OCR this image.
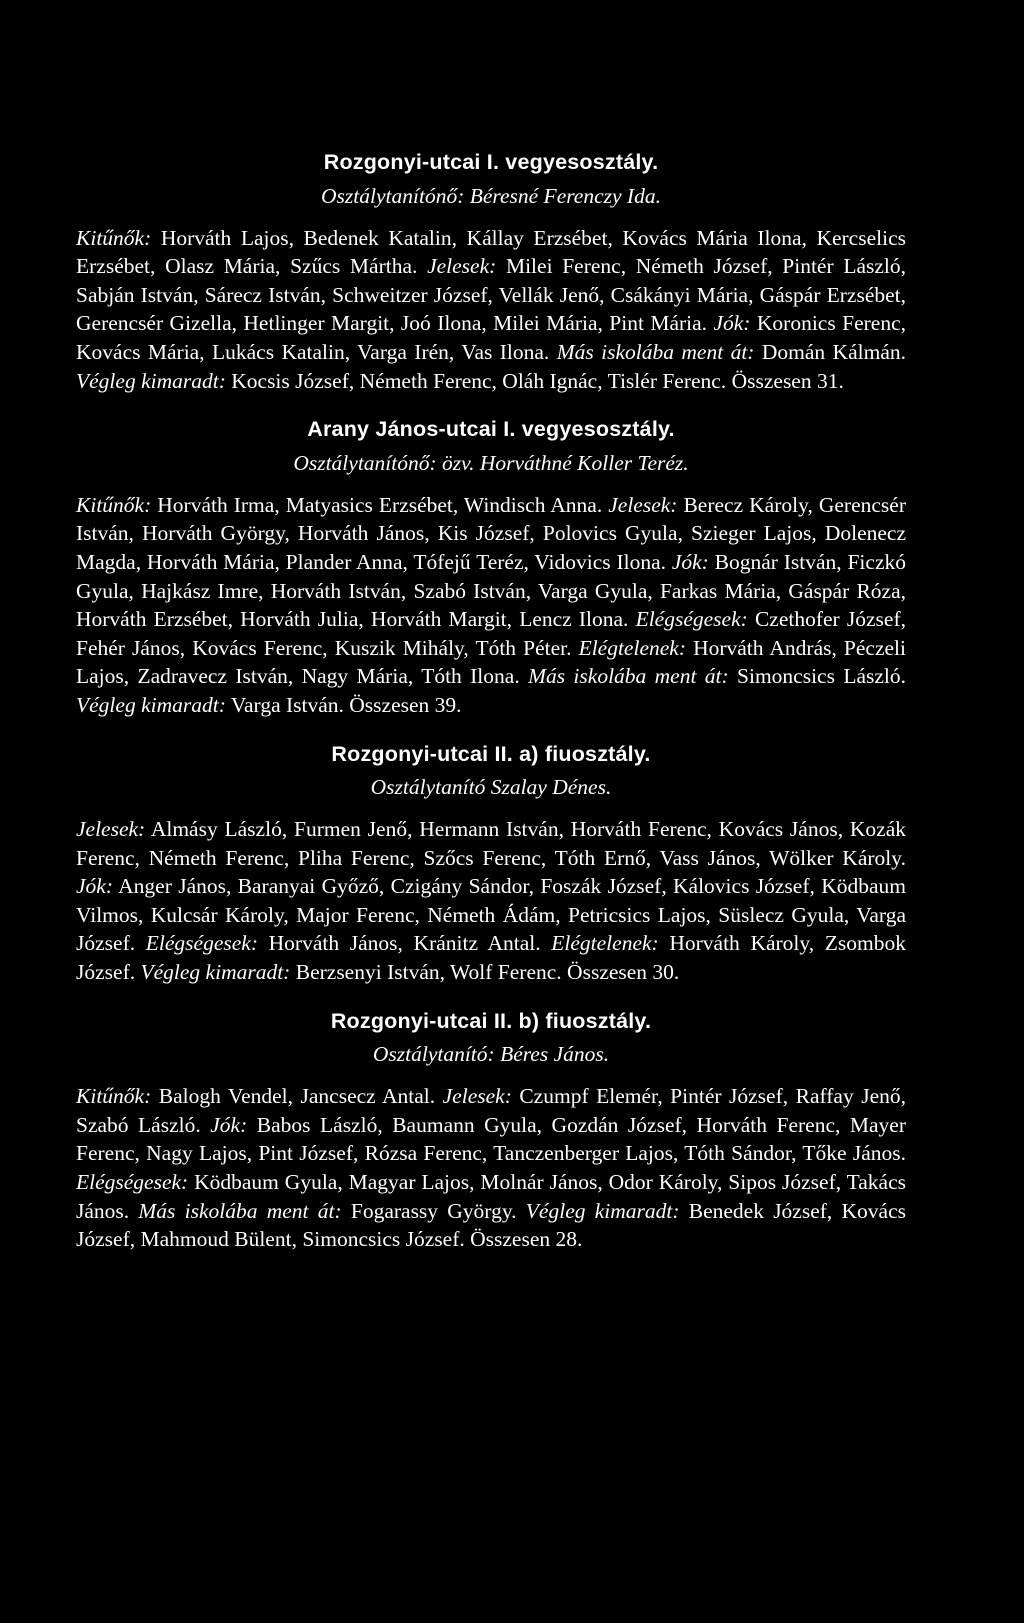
Rozgonyi-utcai I. vegyesosztály.
Osztálytanítónő: Béresné Ferenczy Ida.

Kitűnők: Horváth Lajos, Bedenek Katalin, Kállay Erzsébet, Kovács Mária Ilona, Kercselics Erzsébet, Olasz Mária, Szűcs Mártha. Jelesek: Milei Ferenc, Németh József, Pintér László, Sabján István, Sárecz István, Schweitzer József, Vellák Jenő, Csákányi Mária, Gáspár Erzsébet, Gerencsér Gizella, Hetlinger Margit, Joó Ilona, Milei Mária, Pint Mária. Jók: Koronics Ferenc, Kovács Mária, Lukács Katalin, Varga Irén, Vas Ilona. Más iskolába ment át: Domán Kálmán. Végleg kimaradt: Kocsis József, Németh Ferenc, Oláh Ignác, Tislér Ferenc. Összesen 31.

Arany János-utcai I. vegyesosztály.
Osztálytanítónő: özv. Horváthné Koller Teréz.

Kitűnők: Horváth Irma, Matyasics Erzsébet, Windisch Anna. Jelesek: Berecz Károly, Gerencsér István, Horváth György, Horváth János, Kis József, Polovics Gyula, Szieger Lajos, Dolenecz Magda, Horváth Mária, Plander Anna, Tófejű Teréz, Vidovics Ilona. Jók: Bognár István, Ficzkó Gyula, Hajkász Imre, Horváth István, Szabó István, Varga Gyula, Farkas Mária, Gáspár Róza, Horváth Erzsébet, Horváth Julia, Horváth Margit, Lencz Ilona. Elégségesek: Czethofer József, Fehér János, Kovács Ferenc, Kuszik Mihály, Tóth Péter. Elégtelenek: Horváth András, Péczeli Lajos, Zadravecz István, Nagy Mária, Tóth Ilona. Más iskolába ment át: Simoncsics László. Végleg kimaradt: Varga István. Összesen 39.

Rozgonyi-utcai II. a) fiuosztály.
Osztálytanító Szalay Dénes.

Jelesek: Almásy László, Furmen Jenő, Hermann István, Horváth Ferenc, Kovács János, Kozák Ferenc, Németh Ferenc, Pliha Ferenc, Szőcs Ferenc, Tóth Ernő, Vass János, Wölker Károly. Jók: Anger János, Baranyai Győző, Czigány Sándor, Foszák József, Kálovics József, Ködbaum Vilmos, Kulcsár Károly, Major Ferenc, Németh Ádám, Petricsics Lajos, Süslecz Gyula, Varga József. Elégségesek: Horváth János, Kránitz Antal. Elégtelenek: Horváth Károly, Zsombok József. Végleg kimaradt: Berzsenyi István, Wolf Ferenc. Összesen 30.

Rozgonyi-utcai II. b) fiuosztály.
Osztálytanító: Béres János.

Kitűnők: Balogh Vendel, Jancsecz Antal. Jelesek: Czumpf Elemér, Pintér József, Raffay Jenő, Szabó László. Jók: Babos László, Baumann Gyula, Gozdán József, Horváth Ferenc, Mayer Ferenc, Nagy Lajos, Pint József, Rózsa Ferenc, Tanczenberger Lajos, Tóth Sándor, Tőke János. Elégségesek: Ködbaum Gyula, Magyar Lajos, Molnár János, Odor Károly, Sipos József, Takács János. Más iskolába ment át: Fogarassy György. Végleg kimaradt: Benedek József, Kovács József, Mahmoud Bülent, Simoncsics József. Összesen 28.
